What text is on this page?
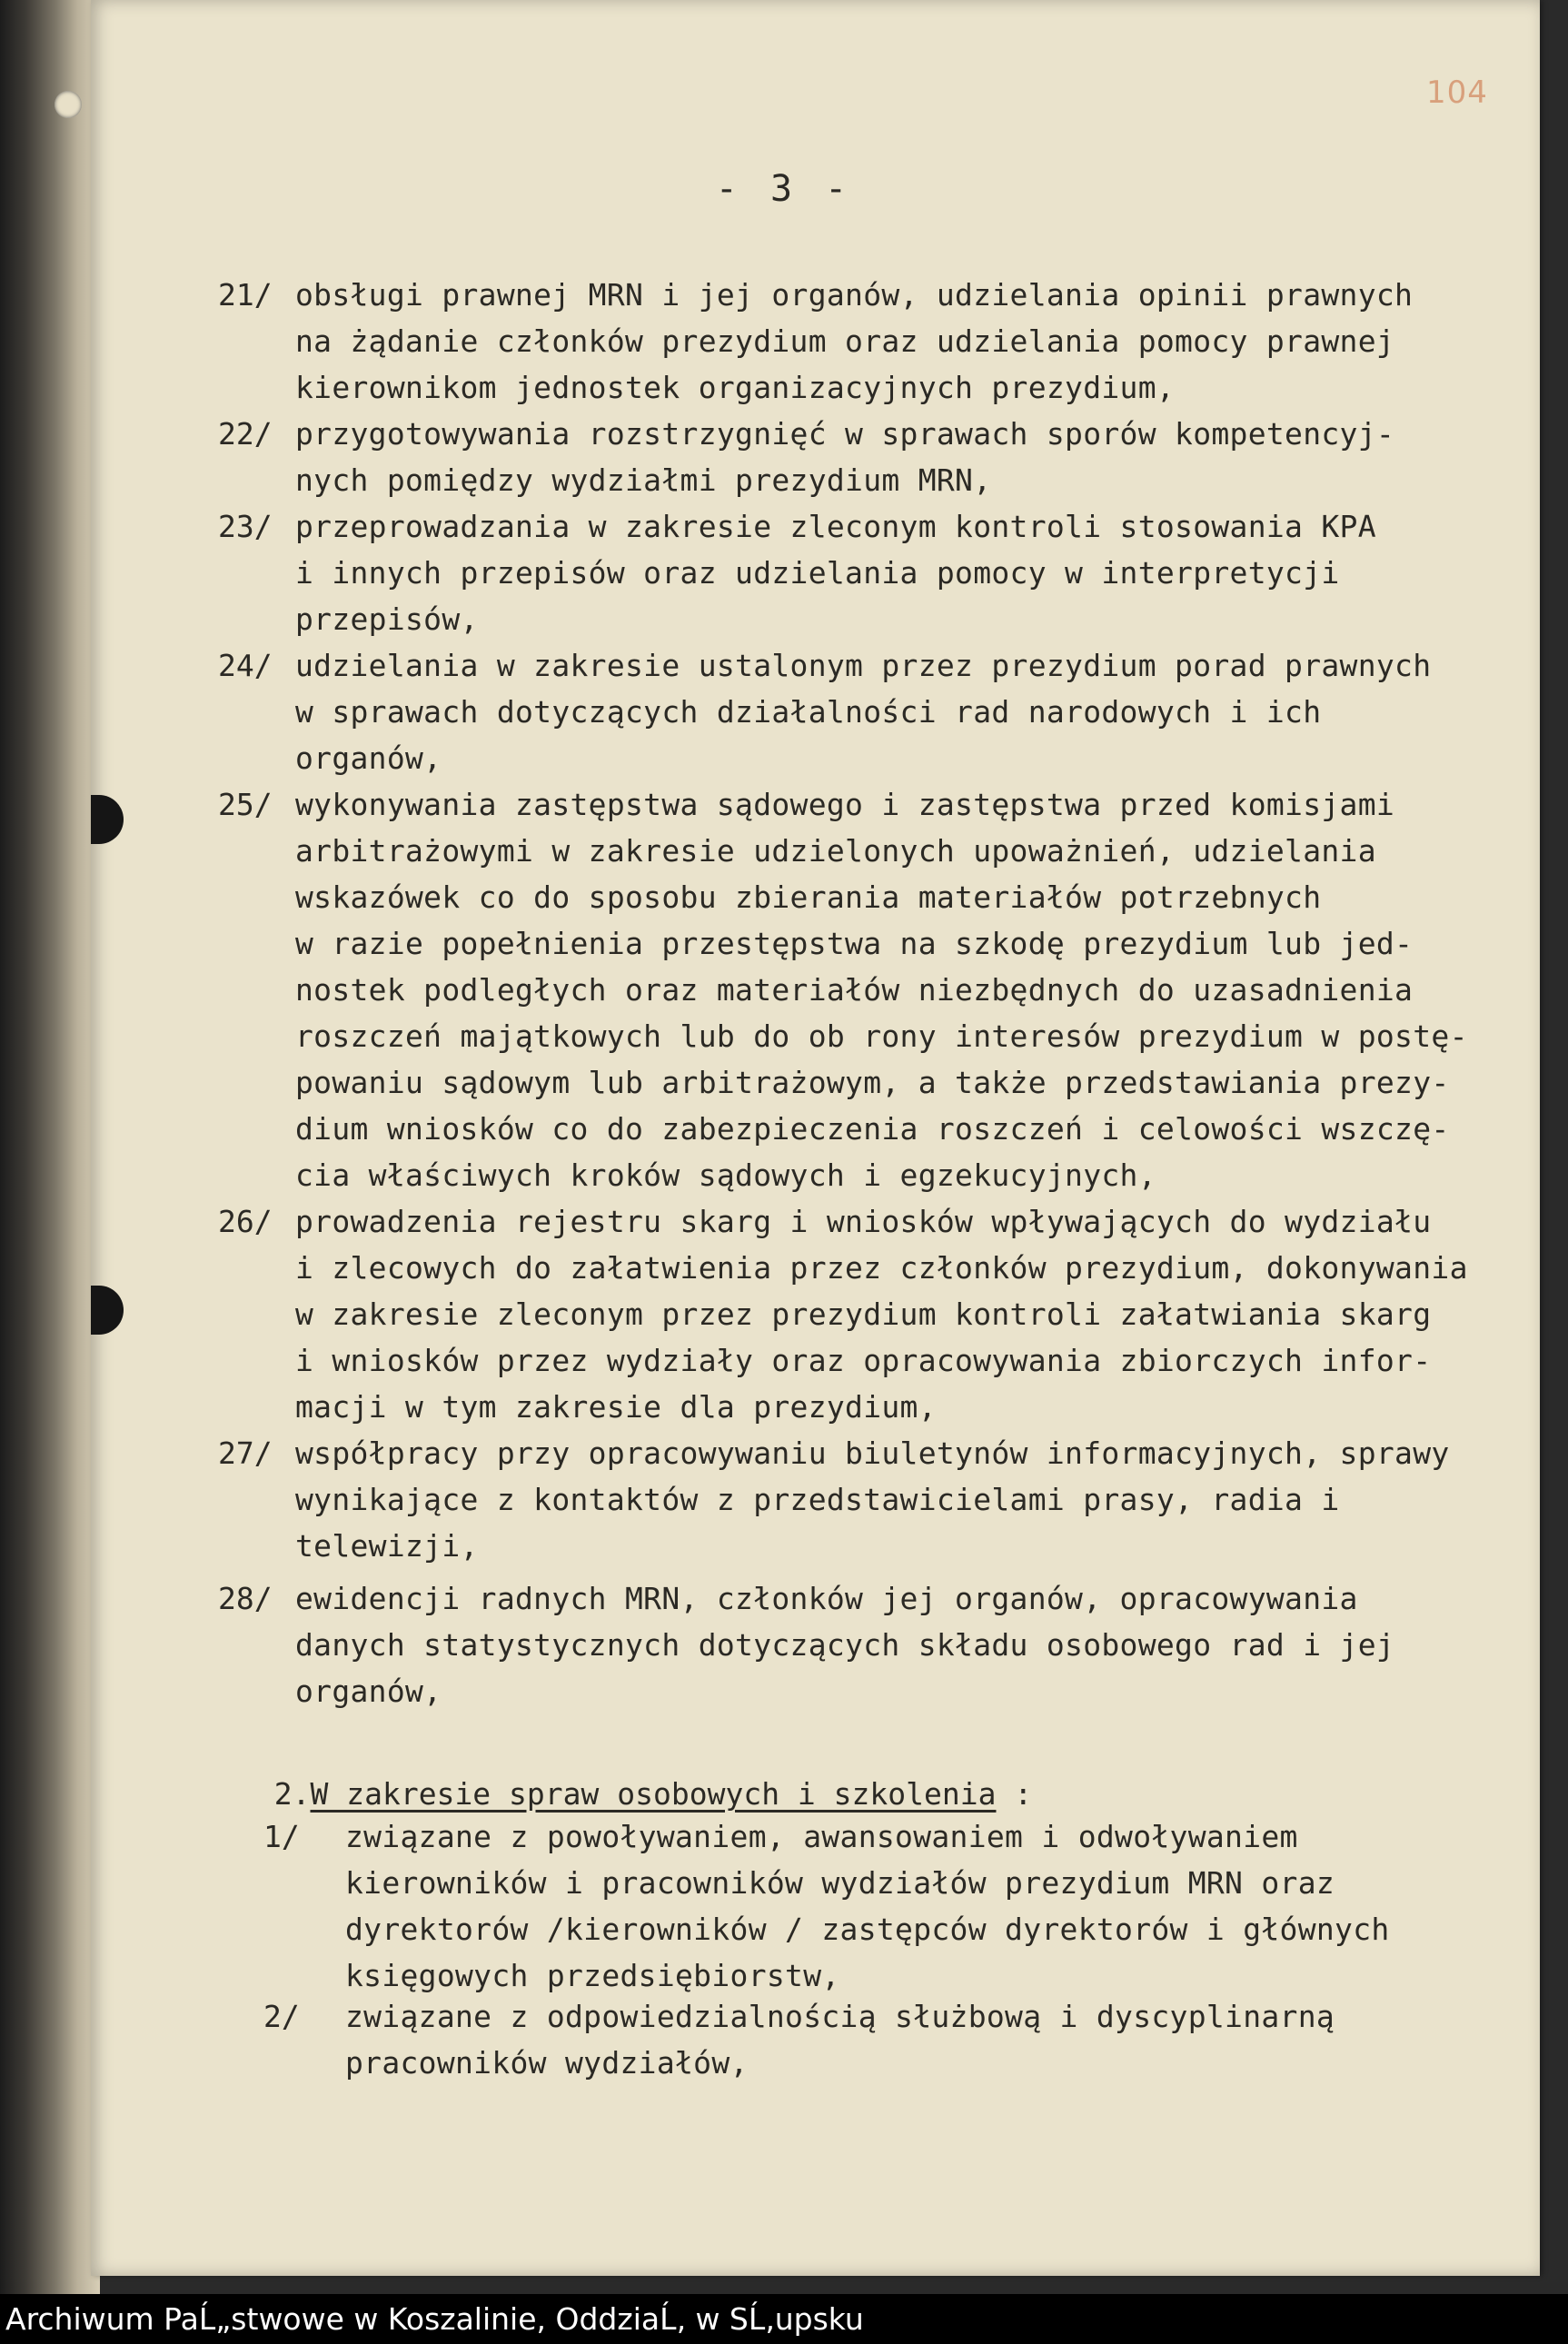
104
- 3 -
21/ obsługi prawnej MRN i jej organów, udzielania opinii prawnych
na żądanie członków prezydium oraz udzielania pomocy prawnej
kierownikom jednostek organizacyjnych prezydium,
22/ przygotowywania rozstrzygnięć w sprawach sporów kompetencyj-
nych pomiędzy wydziałmi prezydium MRN,
23/ przeprowadzania w zakresie zleconym kontroli stosowania KPA
i innych przepisów oraz udzielania pomocy w interpretycji
przepisów,
24/ udzielania w zakresie ustalonym przez prezydium porad prawnych
w sprawach dotyczących działalności rad narodowych i ich
organów,
25/ wykonywania zastępstwa sądowego i zastępstwa przed komisjami
arbitrażowymi w zakresie udzielonych upoważnień, udzielania
wskazówek co do sposobu zbierania materiałów potrzebnych
w razie popełnienia przestępstwa na szkodę prezydium lub jed-
nostek podległych oraz materiałów niezbędnych do uzasadnienia
roszczeń majątkowych lub do ob rony interesów prezydium w postę-
powaniu sądowym lub arbitrażowym, a także przedstawiania prezy-
dium wniosków co do zabezpieczenia roszczeń i celowości wszczę-
cia właściwych kroków sądowych i egzekucyjnych,
26/ prowadzenia rejestru skarg i wniosków wpływających do wydziału
i zlecowych do załatwienia przez członków prezydium, dokonywania
w zakresie zleconym przez prezydium kontroli załatwiania skarg
i wniosków przez wydziały oraz opracowywania zbiorczych infor-
macji w tym zakresie dla prezydium,
27/ współpracy przy opracowywaniu biuletynów informacyjnych, sprawy
wynikające z kontaktów z przedstawicielami prasy, radia i
telewizji,
28/ ewidencji radnych MRN, członków jej organów, opracowywania
danych statystycznych dotyczących składu osobowego rad i jej
organów,

2.W zakresie spraw osobowych i szkolenia :

1/ związane z powoływaniem, awansowaniem i odwoływaniem
kierowników i pracowników wydziałów prezydium MRN oraz
dyrektorów /kierowników / zastępców dyrektorów i głównych
księgowych przedsiębiorstw,
2/ związane z odpowiedzialnością służbową i dyscyplinarną
pracowników wydziałów,
Archiwum PaĹ„stwowe w Koszalinie, OddziaĹ‚ w SĹ‚upsku
